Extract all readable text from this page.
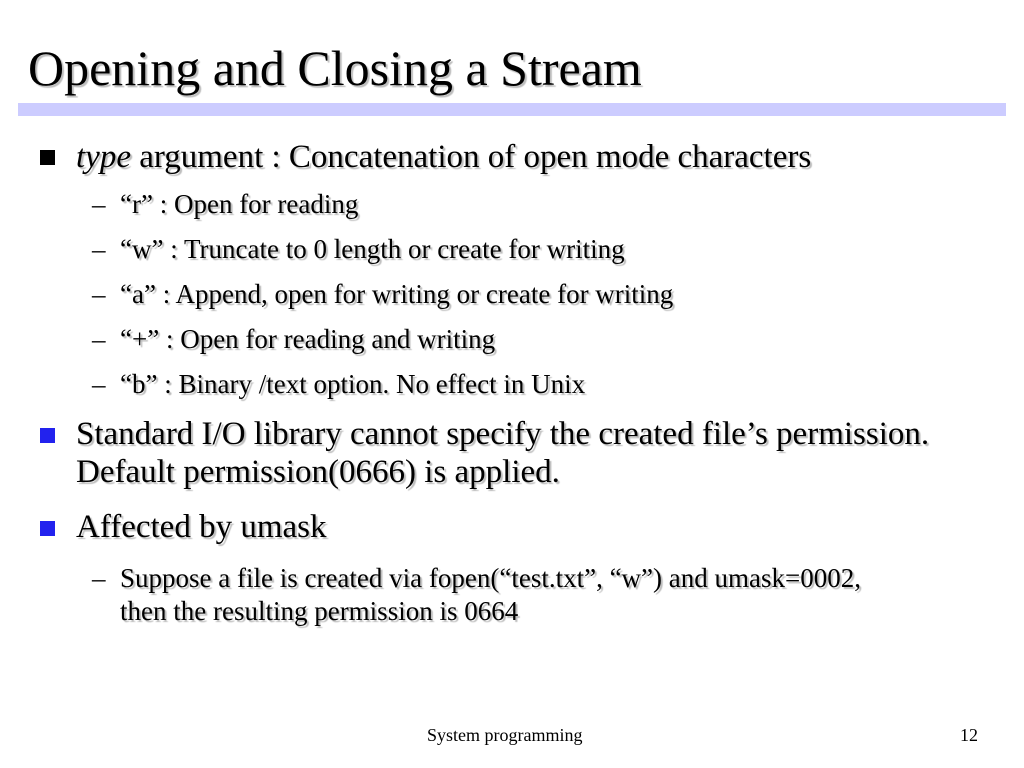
Opening and Closing a Stream
type argument : Concatenation of open mode characters
– “r” : Open for reading
– “w” : Truncate to 0 length or create for writing
– “a” : Append, open for writing or create for writing
– “+” : Open for reading and writing
– “b” : Binary /text option. No effect in Unix
Standard I/O library cannot specify the created file’s permission. Default permission(0666) is applied.
Affected by umask
– Suppose a file is created via fopen(“test.txt”, “w”) and umask=0002, then the resulting permission is 0664
System programming	12
